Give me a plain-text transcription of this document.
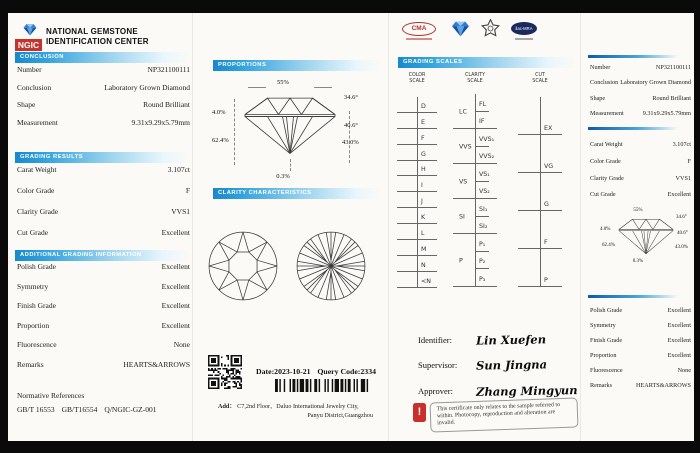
NGIC
NATIONAL GEMSTONE
IDENTIFICATION CENTER
CONCLUSION
Number	NP321100111
Conclusion	Laboratory Grown Diamond
Shape	Round Brilliant
Measurement	9.31x9.29x5.79mm
GRADING RESULTS
Carat Weight	3.107ct
Color Grade	F
Clarity Grade	VVS1
Cut Grade	Excellent
ADDITIONAL GRADING INFORMATION
Polish Grade	Excellent
Symmetry	Excellent
Finish Grade	Excellent
Proportion	Excellent
Fluorescence	None
Remarks	HEARTS&ARROWS
Normative References
GB/T 16553 GB/T16554 Q/NGIC-GZ-001
PROPORTIONS
55%
34.6°
4.0%
40.6°
62.4%	43.0%
0.3%
CLARITY CHARACTERISTICS
Date:2023-10-21 Query Code:2334
Add： C7,2nd Floor，Daluo International Jewelry City,
Panyu District,Guangzhou
CMA	ilac-MRA
GRADING SCALES
COLOR
SCALE
CLARITY
SCALE
CUT
SCALE
D
E
F
G
H
I
J
K
L
M
N
<N
LC
FL
IF
VVS
VVS₁
VVS₂
VS
VS₁
VS₂
SI
SI₁
SI₂
P
P₁
P₂
P₃
EX
VG
G
F
P
Identifier:	Lin Xuefen
Supervisor:	Sun Jingna
Approver:	Zhang Mingyun
!	This certificate only relates to the sample referred to within. Photocopy, reproduction and alteration are invalid.
Number	NP321100111
Conclusion Laboratory Grown Diamond
Shape	Round Brilliant
Measurement	9.31x9.29x5.79mm
Carat Weight	3.107ct
Color Grade	F
Clarity Grade	VVS1
Cut Grade	Excellent
55%
34.6°
4.0%
40.6°
62.4%	43.0%
0.3%
Polish Grade	Excellent
Symmetry	Excellent
Finish Grade	Excellent
Proportion	Excellent
Fluorescence	None
Remarks	HEARTS&ARROWS
